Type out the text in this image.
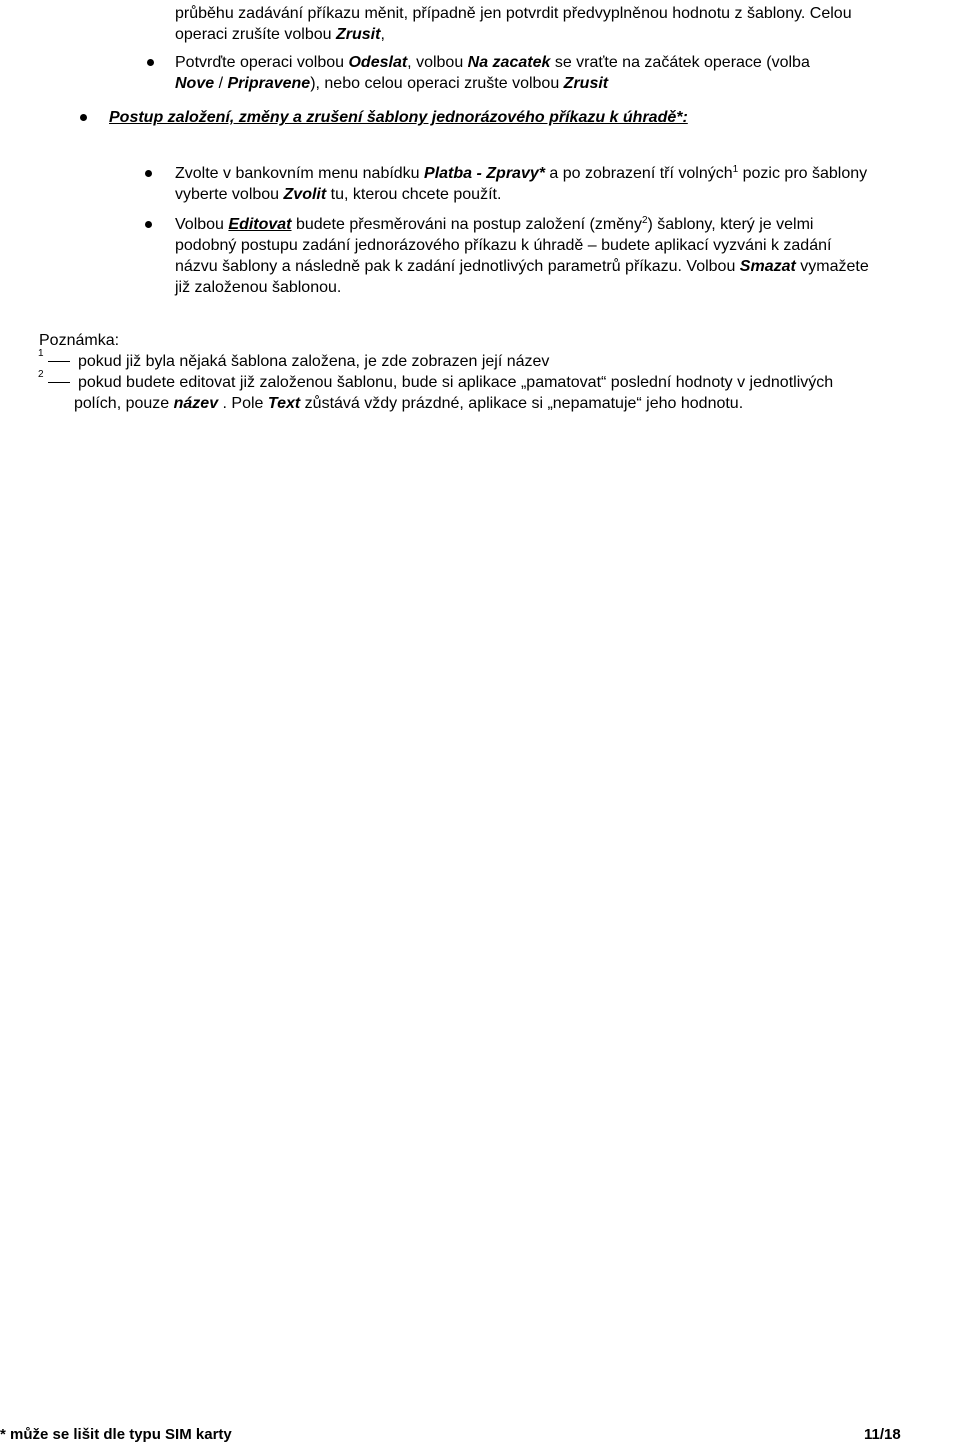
průběhu zadávání příkazu měnit, případně jen potvrdit předvyplněnou hodnotu z šablony. Celou
operaci zrušíte volbou Zrusit,
Potvrďte operaci volbou Odeslat, volbou Na zacatek se vraťte na začátek operace (volba
Nove / Pripravene), nebo celou operaci zrušte volbou Zrusit
Postup založení, změny a zrušení šablony jednorázového příkazu k úhradě*:
Zvolte v bankovním menu nabídku Platba - Zpravy* a po zobrazení tří volných$^1$ pozic pro šablony
vyberte volbou Zvolit tu, kterou chcete použít.
Volbou Editovat budete přesměrováni na postup založení (změny$^2$) šablony, který je velmi
podobný postupu zadání jednorázového příkazu k úhradě – budete aplikací vyzváni k zadání
názvu šablony a následně pak k zadání jednotlivých parametrů příkazu. Volbou Smazat vymažete
již založenou šablonou.
Poznámka:
1	pokud již byla nějaká šablona založena, je zde zobrazen její název
2	pokud budete editovat již založenou šablonu, bude si aplikace „pamatovat“ poslední hodnoty v jednotlivých
polích, pouze název . Pole Text zůstává vždy prázdné, aplikace si „nepamatuje“ jeho hodnotu.
* může se lišit dle typu SIM karty	11/18
